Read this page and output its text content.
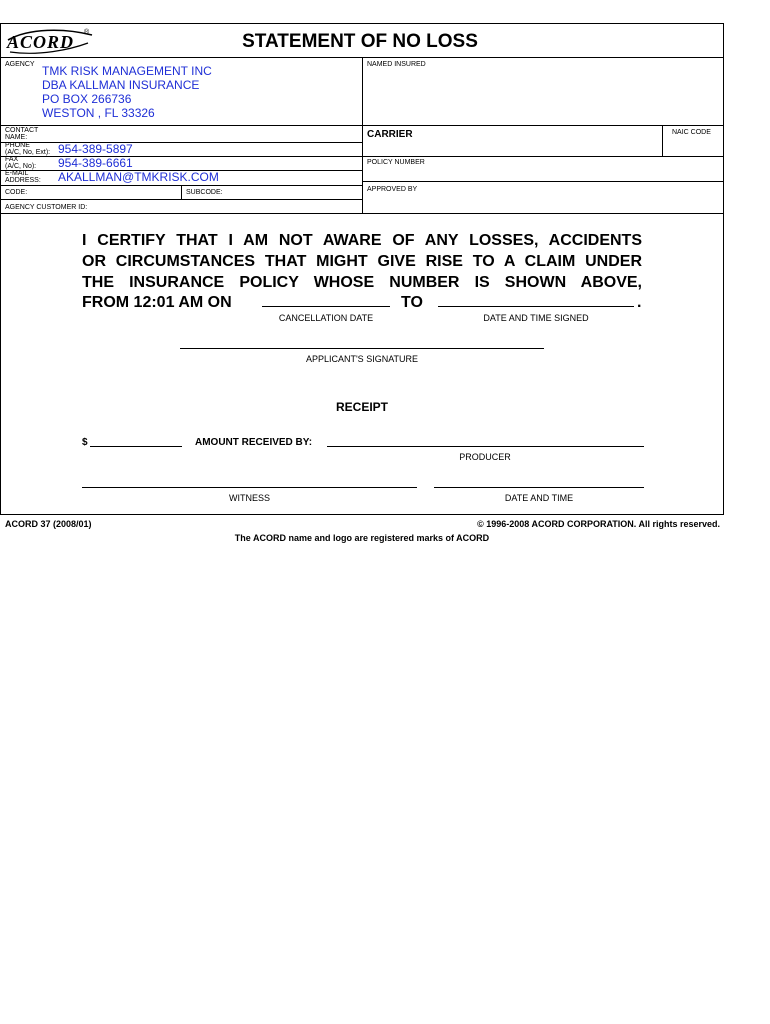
ACORD ®	STATEMENT OF NO LOSS
AGENCY TMK RISK MANAGEMENT INC
DBA KALLMAN INSURANCE
PO BOX 266736
WESTON , FL 33326
NAMED INSURED
CONTACT
NAME:
PHONE
(A/C, No, Ext): 954-389-5897
FAX
(A/C, No): 954-389-6661
E-MAIL
ADDRESS: AKALLMAN@TMKRISK.COM
CODE:	SUBCODE:
AGENCY CUSTOMER ID:
CARRIER	NAIC CODE
POLICY NUMBER
APPROVED BY
I CERTIFY THAT I AM NOT AWARE OF ANY LOSSES, ACCIDENTS
OR CIRCUMSTANCES THAT MIGHT GIVE RISE TO A CLAIM UNDER
THE INSURANCE POLICY WHOSE NUMBER IS SHOWN ABOVE,
FROM 12:01 AM ON	TO	.
CANCELLATION DATE	DATE AND TIME SIGNED
APPLICANT'S SIGNATURE
RECEIPT
$	AMOUNT RECEIVED BY:
PRODUCER
WITNESS	DATE AND TIME
ACORD 37 (2008/01)	© 1996-2008 ACORD CORPORATION. All rights reserved.
The ACORD name and logo are registered marks of ACORD
